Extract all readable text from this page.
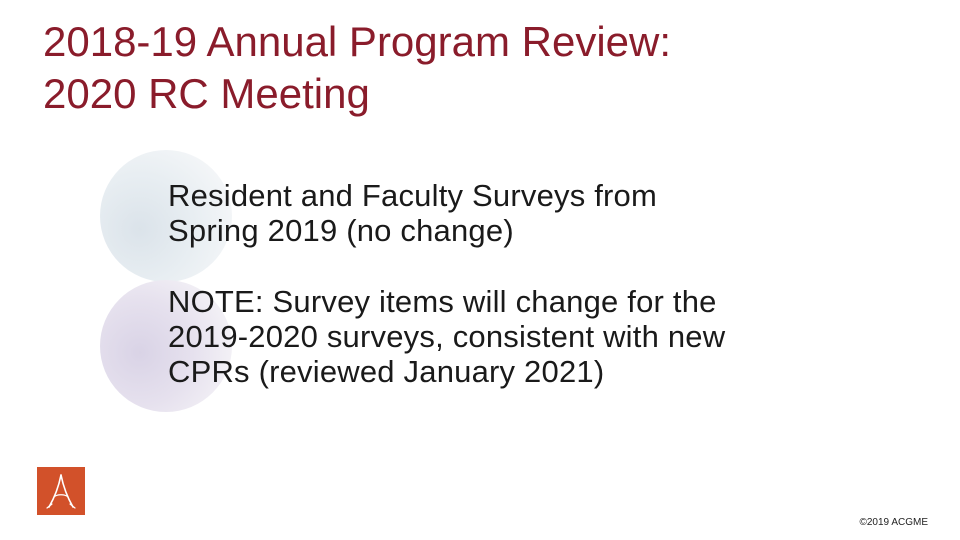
2018-19 Annual Program Review:
2020 RC Meeting

Resident and Faculty Surveys from
Spring 2019 (no change)

NOTE: Survey items will change for the
2019-2020 surveys, consistent with new
CPRs (reviewed January 2021)

©2019 ACGME
